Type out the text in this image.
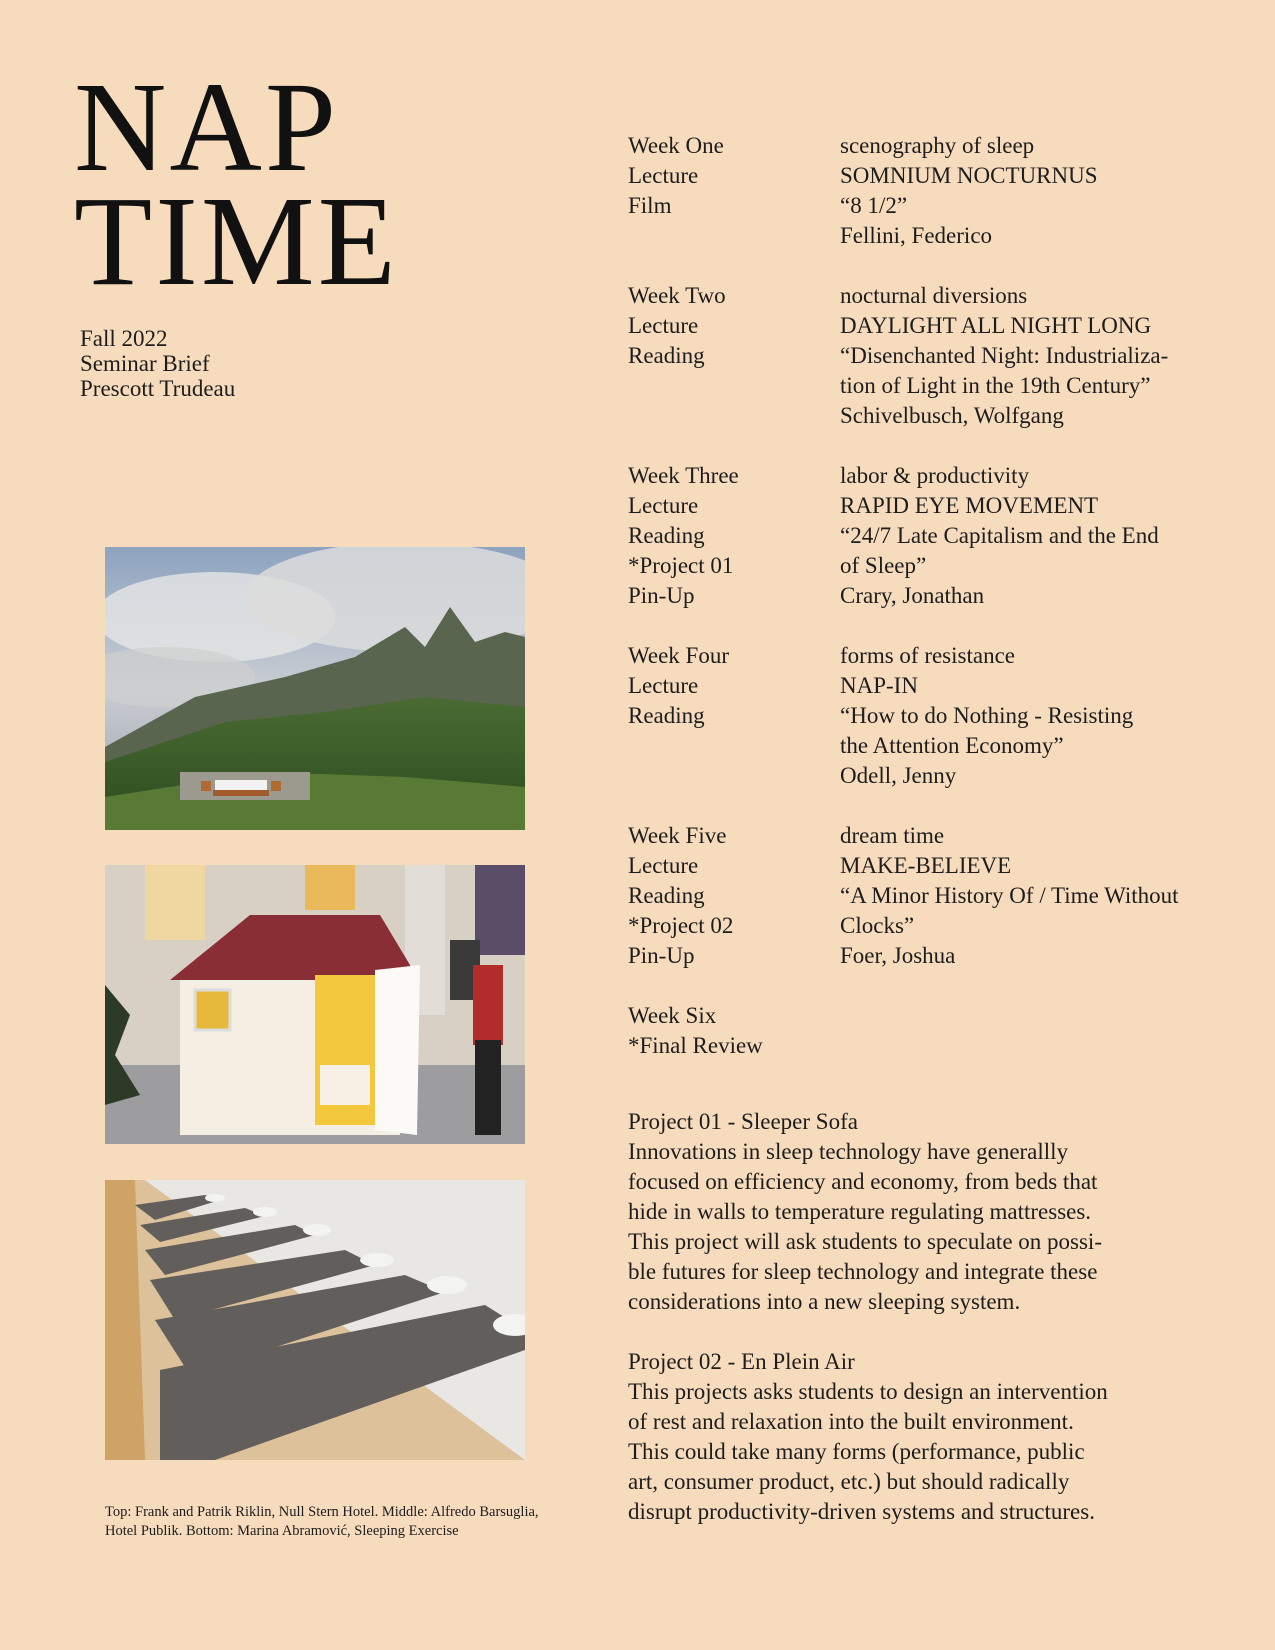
NAP
TIME
Fall 2022
Seminar Brief
Prescott Trudeau
Top: Frank and Patrik Riklin, Null Stern Hotel. Middle: Alfredo Barsuglia,
Hotel Publik. Bottom: Marina Abramović, Sleeping Exercise
Week One
Lecture
Film
scenography of sleep
SOMNIUM NOCTURNUS
“8 1/2”
Fellini, Federico
Week Two
Lecture
Reading
nocturnal diversions
DAYLIGHT ALL NIGHT LONG
“Disenchanted Night: Industrializa-
tion of Light in the 19th Century”
Schivelbusch, Wolfgang
Week Three
Lecture
Reading
*Project 01
Pin-Up
labor & productivity
RAPID EYE MOVEMENT
“24/7 Late Capitalism and the End
of Sleep”
Crary, Jonathan
Week Four
Lecture
Reading
forms of resistance
NAP-IN
“How to do Nothing - Resisting
the Attention Economy”
Odell, Jenny
Week Five
Lecture
Reading
*Project 02
Pin-Up
dream time
MAKE-BELIEVE
“A Minor History Of / Time Without
Clocks”
Foer, Joshua
Week Six
*Final Review
Project 01 - Sleeper Sofa
Innovations in sleep technology have generallly
focused on efficiency and economy, from beds that
hide in walls to temperature regulating mattresses.
This project will ask students to speculate on possi-
ble futures for sleep technology and integrate these
considerations into a new sleeping system.
Project 02 - En Plein Air
This projects asks students to design an intervention
of rest and relaxation into the built environment.
This could take many forms (performance, public
art, consumer product, etc.) but should radically
disrupt productivity-driven systems and structures.
